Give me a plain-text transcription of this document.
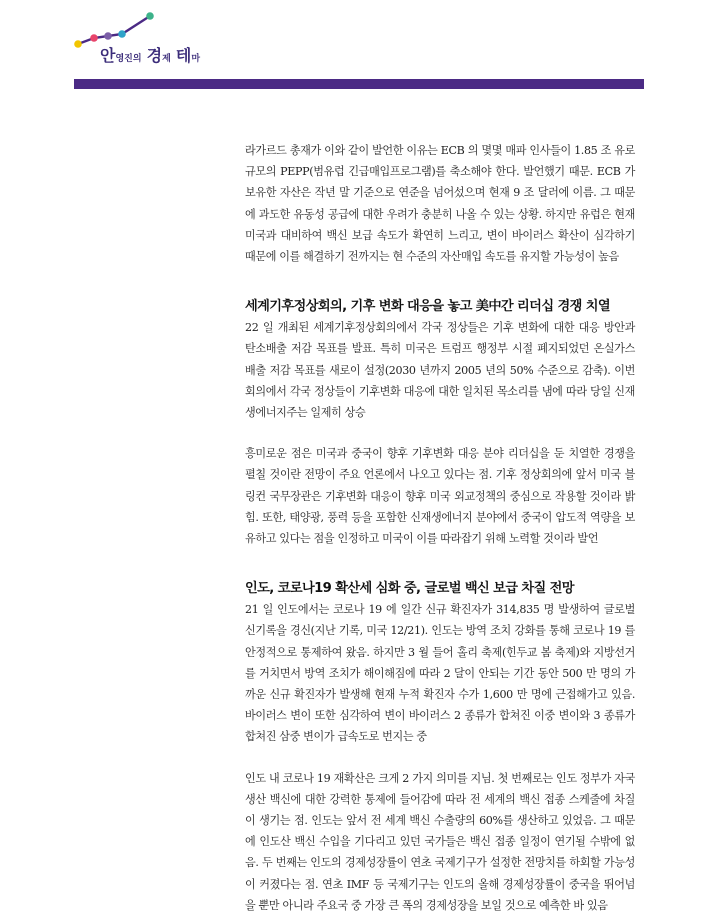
안영진의 경제 테마

라가르드 총재가 이와 같이 발언한 이유는 ECB 의 몇몇 매파 인사들이 1.85 조 유로 규모의 PEPP(범유럽 긴급매입프로그램)를 축소해야 한다. 발언했기 때문. ECB 가 보유한 자산은 작년 말 기준으로 연준을 넘어섰으며 현재 9 조 달러에 이름. 그 때문에 과도한 유동성 공급에 대한 우려가 충분히 나올 수 있는 상황. 하지만 유럽은 현재 미국과 대비하여 백신 보급 속도가 확연히 느리고, 변이 바이러스 확산이 심각하기 때문에 이를 해결하기 전까지는 현 수준의 자산매입 속도를 유지할 가능성이 높음

세계기후정상회의, 기후 변화 대응을 놓고 美中간 리더십 경쟁 치열

22 일 개최된 세계기후정상회의에서 각국 정상들은 기후 변화에 대한 대응 방안과 탄소배출 저감 목표를 발표. 특히 미국은 트럼프 행정부 시절 폐지되었던 온실가스 배출 저감 목표를 새로이 설정(2030 년까지 2005 년의 50% 수준으로 감축). 이번 회의에서 각국 정상들이 기후변화 대응에 대한 일치된 목소리를 냄에 따라 당일 신재생에너지주는 일제히 상승

흥미로운 점은 미국과 중국이 향후 기후변화 대응 분야 리더십을 둔 치열한 경쟁을 펼칠 것이란 전망이 주요 언론에서 나오고 있다는 점. 기후 정상회의에 앞서 미국 블링컨 국무장관은 기후변화 대응이 향후 미국 외교정책의 중심으로 작용할 것이라 밝힘. 또한, 태양광, 풍력 등을 포함한 신재생에너지 분야에서 중국이 압도적 역량을 보유하고 있다는 점을 인정하고 미국이 이를 따라잡기 위해 노력할 것이라 발언

인도, 코로나19 확산세 심화 중, 글로벌 백신 보급 차질 전망

21 일 인도에서는 코로나 19 에 일간 신규 확진자가 314,835 명 발생하여 글로벌 신기록을 경신(지난 기록, 미국 12/21). 인도는 방역 조치 강화를 통해 코로나 19 를 안정적으로 통제하여 왔음. 하지만 3 월 들어 홀리 축제(힌두교 봄 축제)와 지방선거를 거치면서 방역 조치가 해이해짐에 따라 2 달이 안되는 기간 동안 500 만 명의 가까운 신규 확진자가 발생해 현재 누적 확진자 수가 1,600 만 명에 근접해가고 있음. 바이러스 변이 또한 심각하여 변이 바이러스 2 종류가 합쳐진 이중 변이와 3 종류가 합쳐진 삼중 변이가 급속도로 번지는 중

인도 내 코로나 19 재확산은 크게 2 가지 의미를 지님. 첫 번째로는 인도 정부가 자국 생산 백신에 대한 강력한 통제에 들어감에 따라 전 세계의 백신 접종 스케줄에 차질이 생기는 점. 인도는 앞서 전 세계 백신 수출량의 60%를 생산하고 있었음. 그 때문에 인도산 백신 수입을 기다리고 있던 국가들은 백신 접종 일정이 연기될 수밖에 없음. 두 번째는 인도의 경제성장률이 연초 국제기구가 설정한 전망치를 하회할 가능성이 커졌다는 점. 연초 IMF 등 국제기구는 인도의 올해 경제성장률이 중국을 뛰어넘을 뿐만 아니라 주요국 중 가장 큰 폭의 경제성장을 보일 것으로 예측한 바 있음
